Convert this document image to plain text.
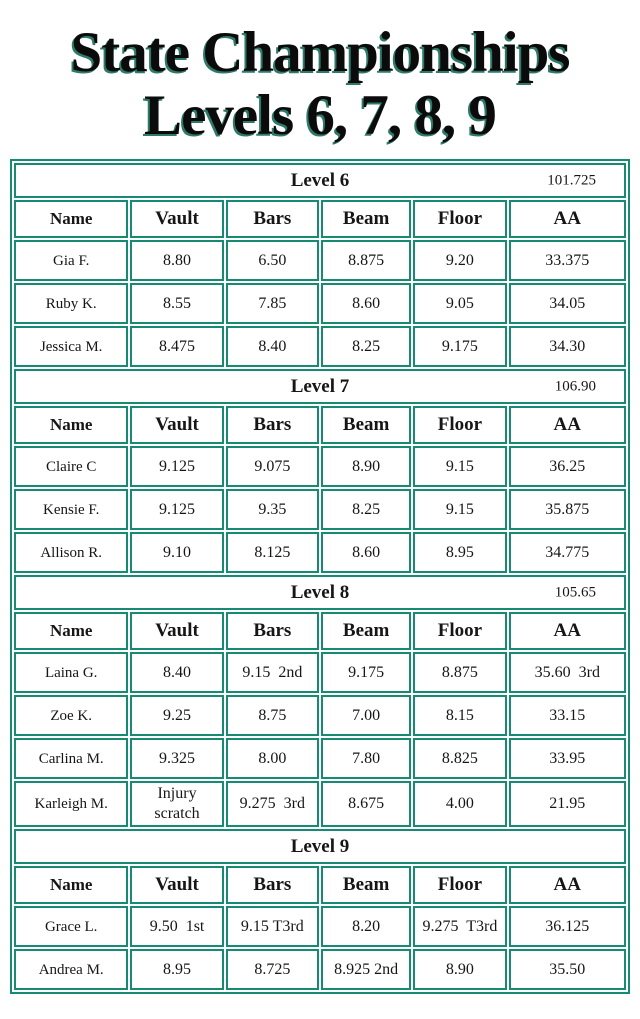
State Championships
Levels 6, 7, 8, 9
Level 6 101.725					

Name	Vault	Bars	Beam	Floor	AA
Gia F.	8.80	6.50	8.875	9.20	33.375
Ruby K.	8.55	7.85	8.60	9.05	34.05
Jessica M.	8.475	8.40	8.25	9.175	34.30
Level 7 106.90					

Name	Vault	Bars	Beam	Floor	AA
Claire C	9.125	9.075	8.90	9.15	36.25
Kensie F.	9.125	9.35	8.25	9.15	35.875
Allison R.	9.10	8.125	8.60	8.95	34.775
Level 8 105.65					

Name	Vault	Bars	Beam	Floor	AA
Laina G.	8.40	9.15  2nd	9.175	8.875	35.60  3rd
Zoe K.	9.25	8.75	7.00	8.15	33.15
Carlina M.	9.325	8.00	7.80	8.825	33.95
Karleigh M.	Injury scratch	9.275  3rd	8.675	4.00	21.95
Level 9					
Name	Vault	Bars	Beam	Floor	AA
Grace L.	9.50  1st	9.15 T3rd	8.20	9.275  T3rd	36.125
Andrea M.	8.95	8.725	8.925 2nd	8.90	35.50
